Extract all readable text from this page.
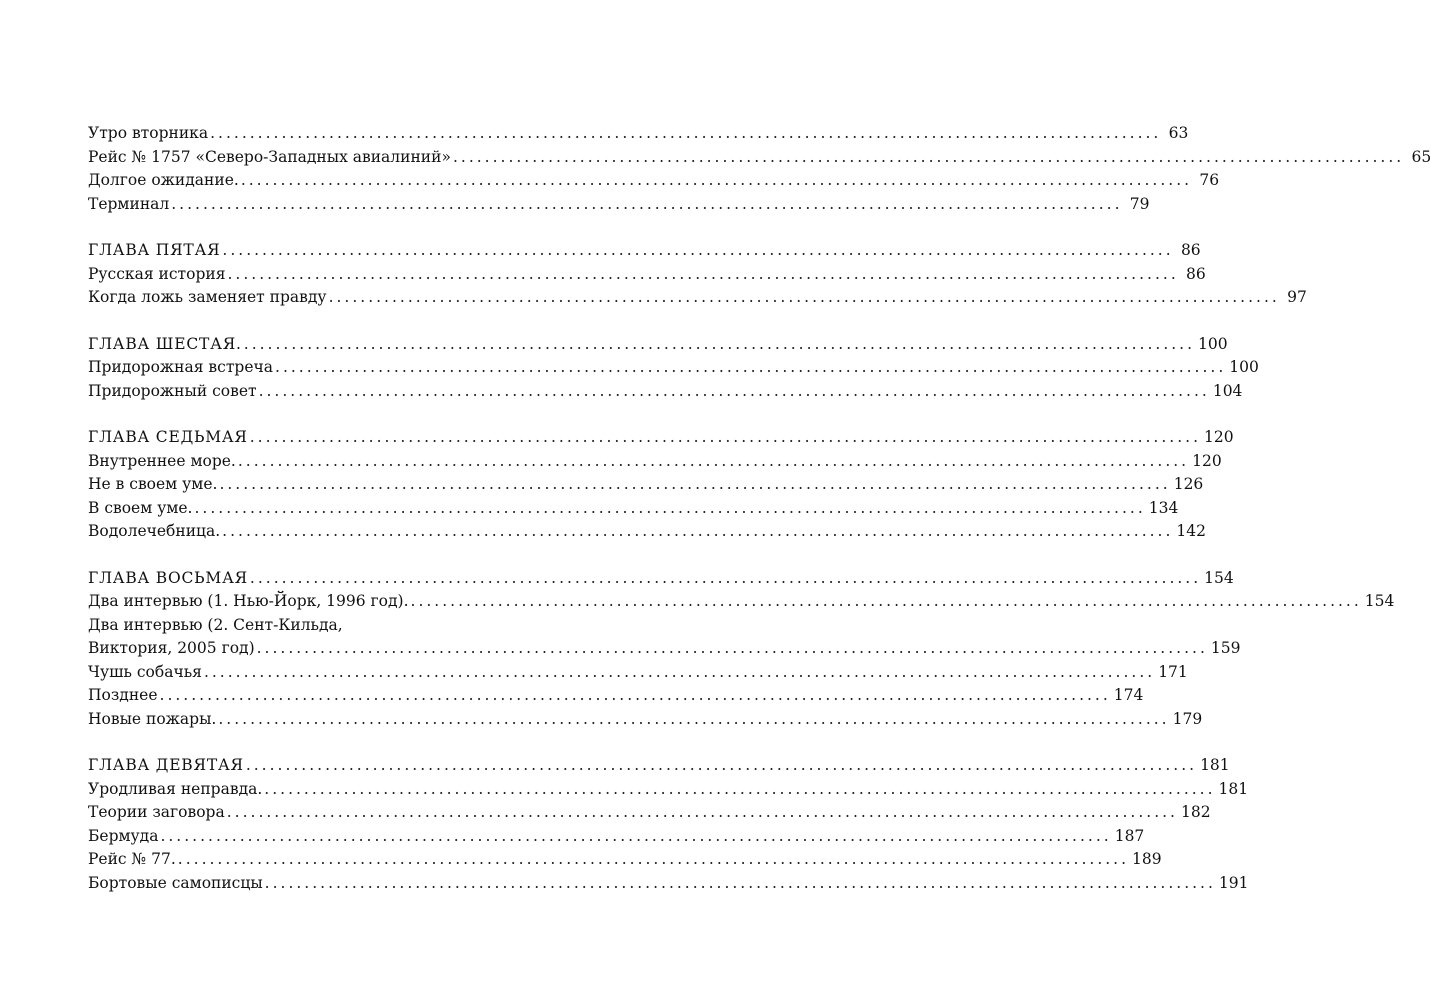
Утро вторника ........................................................................................................................ 63
Рейс № 1757 «Северо-Западных авиалиний» ........................................................................................................................ 65
Долгое ожидание. ........................................................................................................................ 76
Терминал ........................................................................................................................ 79
ГЛАВА ПЯТАЯ ........................................................................................................................ 86
Русская история ........................................................................................................................ 86
Когда ложь заменяет правду ........................................................................................................................ 97
ГЛАВА ШЕСТАЯ. ........................................................................................................................ 100
Придорожная встреча ........................................................................................................................ 100
Придорожный совет ........................................................................................................................ 104
ГЛАВА СЕДЬМАЯ ........................................................................................................................ 120
Внутреннее море. ........................................................................................................................ 120
Не в своем уме. ........................................................................................................................ 126
В своем уме. ........................................................................................................................ 134
Водолечебница. ........................................................................................................................ 142
ГЛАВА ВОСЬМАЯ ........................................................................................................................ 154
Два интервью (1. Нью-Йорк, 1996 год). ........................................................................................................................ 154
Два интервью (2. Сент-Кильда,
Виктория, 2005 год) ........................................................................................................................ 159
Чушь собачья ........................................................................................................................ 171
Позднее ........................................................................................................................ 174
Новые пожары. ........................................................................................................................ 179
ГЛАВА ДЕВЯТАЯ ........................................................................................................................ 181
Уродливая неправда. ........................................................................................................................ 181
Теории заговора ........................................................................................................................ 182
Бермуда ........................................................................................................................ 187
Рейс № 77. ........................................................................................................................ 189
Бортовые самописцы ........................................................................................................................ 191
